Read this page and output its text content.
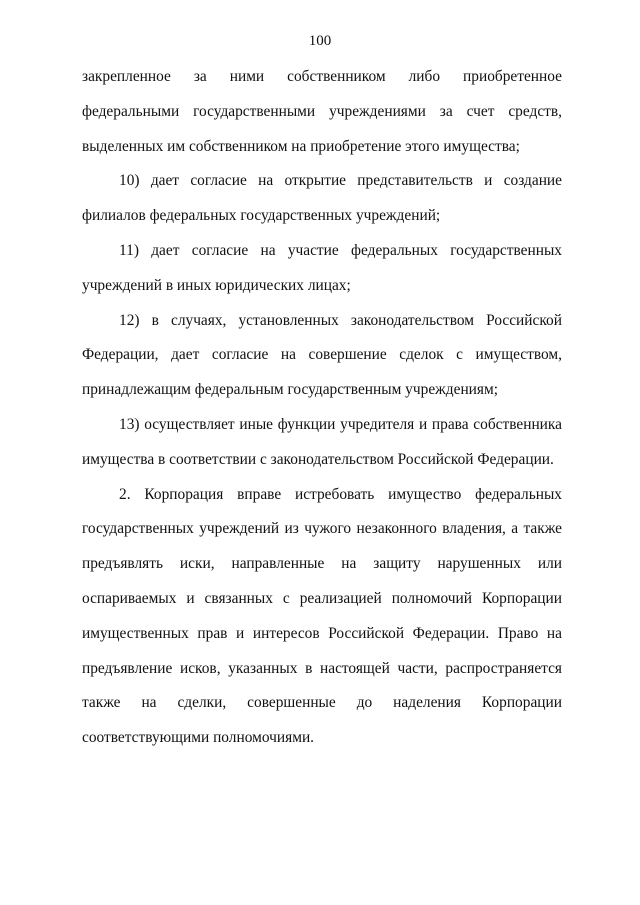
100

закрепленное за ними собственником либо приобретенное федеральными государственными учреждениями за счет средств, выделенных им собственником на приобретение этого имущества;

10) дает согласие на открытие представительств и создание филиалов федеральных государственных учреждений;

11) дает согласие на участие федеральных государственных учреждений в иных юридических лицах;

12) в случаях, установленных законодательством Российской Федерации, дает согласие на совершение сделок с имуществом, принадлежащим федеральным государственным учреждениям;

13) осуществляет иные функции учредителя и права собственника имущества в соответствии с законодательством Российской Федерации.

2. Корпорация вправе истребовать имущество федеральных государственных учреждений из чужого незаконного владения, а также предъявлять иски, направленные на защиту нарушенных или оспариваемых и связанных с реализацией полномочий Корпорации имущественных прав и интересов Российской Федерации. Право на предъявление исков, указанных в настоящей части, распространяется также на сделки, совершенные до наделения Корпорации соответствующими полномочиями.
